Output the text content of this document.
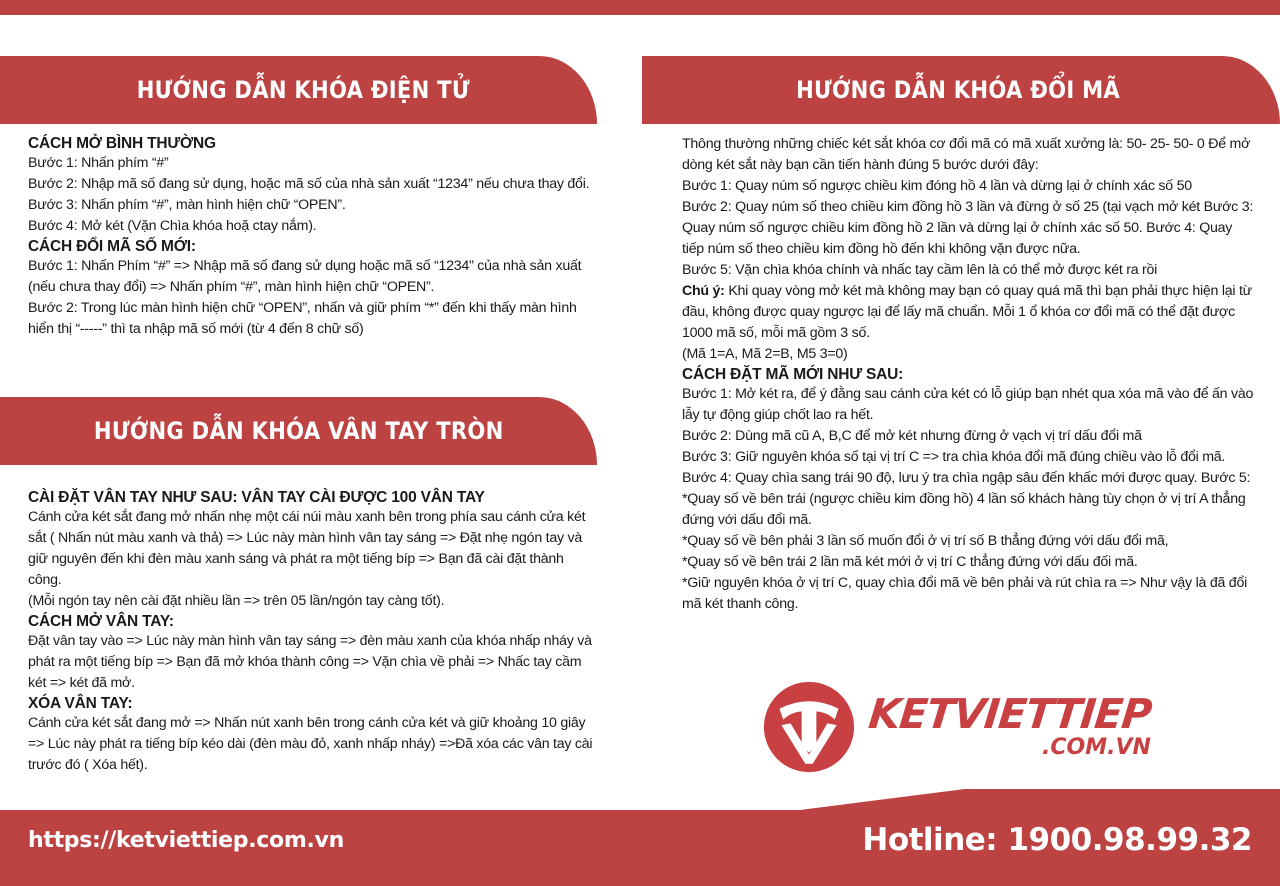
HƯỚNG DẪN KHÓA ĐIỆN TỬ

CÁCH MỞ BÌNH THƯỜNG

Bước 1: Nhấn phím “#”

Bước 2: Nhập mã số đang sử dụng, hoặc mã số của nhà sản xuất “1234” nếu chưa thay đổi.

Bước 3: Nhấn phím “#”, màn hình hiện chữ “OPEN”.

Bước 4: Mở két (Vặn Chìa khóa hoặ ctay nắm).

CÁCH ĐỔI MÃ SỐ MỚI:

Bước 1: Nhấn Phím “#” => Nhập mã số đang sử dụng hoặc mã số “1234” của nhà sản xuất (nếu chưa thay đổi) => Nhấn phím “#”, màn hình hiện chữ “OPEN”.

Bước 2: Trong lúc màn hình hiện chữ “OPEN”, nhấn và giữ phím “*” đến khi thấy màn hình hiển thị “-----” thì ta nhập mã số mới (từ 4 đến 8 chữ số)

HƯỚNG DẪN KHÓA VÂN TAY TRÒN

CÀI ĐẶT VÂN TAY NHƯ SAU: VÂN TAY CÀI ĐƯỢC 100 VÂN TAY

Cánh cửa két sắt đang mở nhấn nhẹ một cái núi màu xanh bên trong phía sau cánh cửa két sắt ( Nhấn nút màu xanh và thả) => Lúc này màn hình vân tay sáng => Đặt nhẹ ngón tay và giữ nguyên đến khi đèn màu xanh sáng và phát ra một tiếng bíp => Bạn đã cài đặt thành công.

(Mỗi ngón tay nên cài đặt nhiều lần => trên 05 lần/ngón tay càng tốt).

CÁCH MỞ VÂN TAY:

Đặt vân tay vào => Lúc này màn hình vân tay sáng => đèn màu xanh của khóa nhấp nháy và phát ra một tiếng bíp => Bạn đã mở khóa thành công => Vặn chìa về phải => Nhấc tay cầm két => két đã mở.

XÓA VÂN TAY:

Cánh cửa két sắt đang mở => Nhấn nút xanh bên trong cánh cửa két và giữ khoảng 10 giây => Lúc này phát ra tiếng bíp kéo dài (đèn màu đỏ, xanh nhấp nháy) =>Đã xóa các vân tay cài trước đó ( Xóa hết).

HƯỚNG DẪN KHÓA ĐỔI MÃ

Thông thường những chiếc két sắt khóa cơ đổi mã có mã xuất xưởng là: 50- 25- 50- 0 Để mở dòng két sắt này bạn cần tiến hành đúng 5 bước dưới đây:

Bước 1: Quay núm số ngược chiều kim đóng hồ 4 lần và dừng lại ở chính xác số 50

Bước 2: Quay núm số theo chiều kim đồng hồ 3 lần và đừng ở số 25 (tại vạch mở két Bước 3: Quay núm số ngược chiều kim đồng hồ 2 lần và dừng lại ở chính xác số 50. Bước 4: Quay tiếp núm số theo chiều kim đồng hồ đến khi không vặn được nữa.

Bước 5: Vặn chìa khóa chính và nhấc tay cầm lên là có thể mở được két ra rồi

Chú ý: Khi quay vòng mở két mà không may bạn có quay quá mã thì bạn phải thực hiện lại từ đầu, không được quay ngược lại để lấy mã chuẩn. Mỗi 1 ổ khóa cơ đổi mã có thể đặt được 1000 mã số, mỗi mã gồm 3 số.

(Mã 1=A, Mã 2=B, M5 3=0)

CÁCH ĐẶT MÃ MỚI NHƯ SAU:

Bước 1: Mở két ra, để ý đằng sau cánh cửa két có lỗ giúp bạn nhét qua xóa mã vào để ấn vào lẫy tự động giúp chốt lao ra hết.

Bước 2: Dùng mã cũ A, B,C để mở két nhưng đừng ở vạch vị trí dấu đổi mã

Bước 3: Giữ nguyên khóa số tại vị trí C => tra chìa khóa đổi mã đúng chiều vào lỗ đổi mã.

Bước 4: Quay chìa sang trái 90 độ, lưu ý tra chìa ngập sâu đến khấc mới được quay. Bước 5:

*Quay số về bên trái (ngược chiều kim đồng hồ) 4 lần số khách hàng tùy chọn ở vị trí A thẳng đứng với dấu đổi mã.

*Quay số về bên phải 3 lần số muốn đổi ở vị trí số B thẳng đứng với dấu đổi mã,

*Quay số về bên trái 2 lần mã két mới ở vị trí C thẳng đứng với dấu đối mã.

*Giữ nguyên khóa ở vị trí C, quay chìa đổi mã về bên phải và rút chìa ra => Như vậy là đã đổi mã két thanh công.

KETVIETTIEP
.COM.VN
https://ketviettiep.com.vn	Hotline: 1900.98.99.32
